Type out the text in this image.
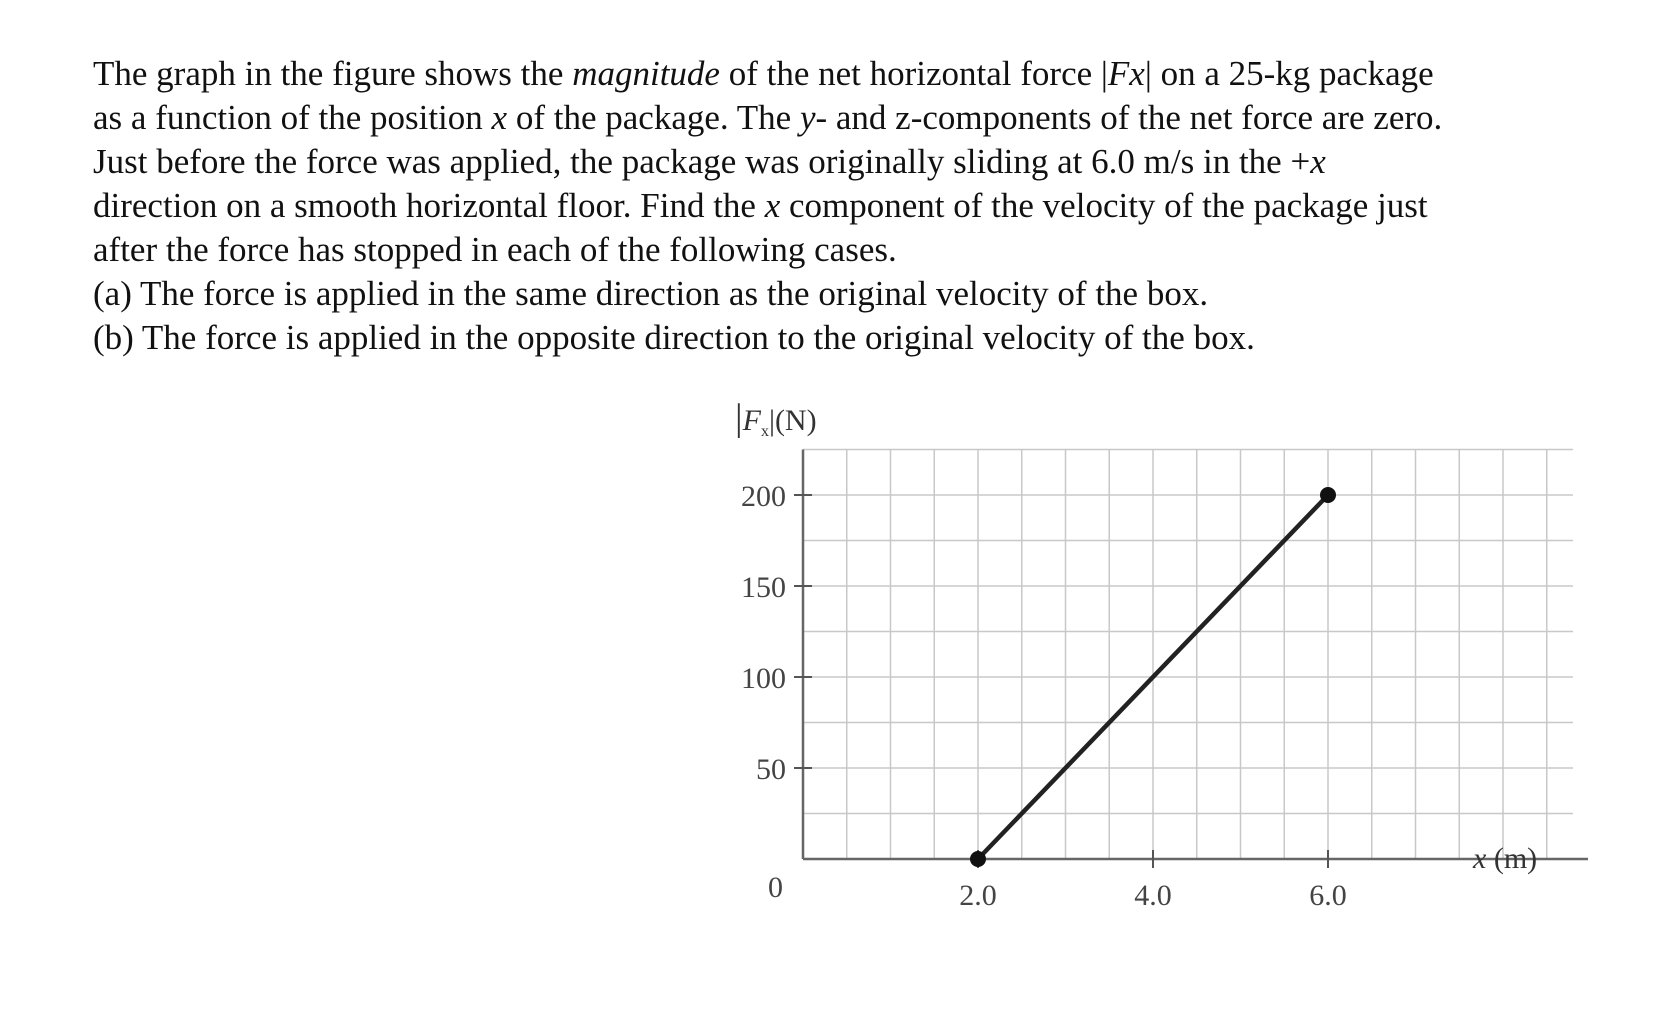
The graph in the figure shows the magnitude of the net horizontal force |Fx| on a 25-kg package
as a function of the position x of the package. The y- and z-components of the net force are zero.
Just before the force was applied, the package was originally sliding at 6.0 m/s in the +x
direction on a smooth horizontal floor. Find the x component of the velocity of the package just
after the force has stopped in each of the following cases.
(a) The force is applied in the same direction as the original velocity of the box.
(b) The force is applied in the opposite direction to the original velocity of the box.
0
50
100
150
200
2.0	4.0	6.0
$|F_x|(N)$
x (m)
